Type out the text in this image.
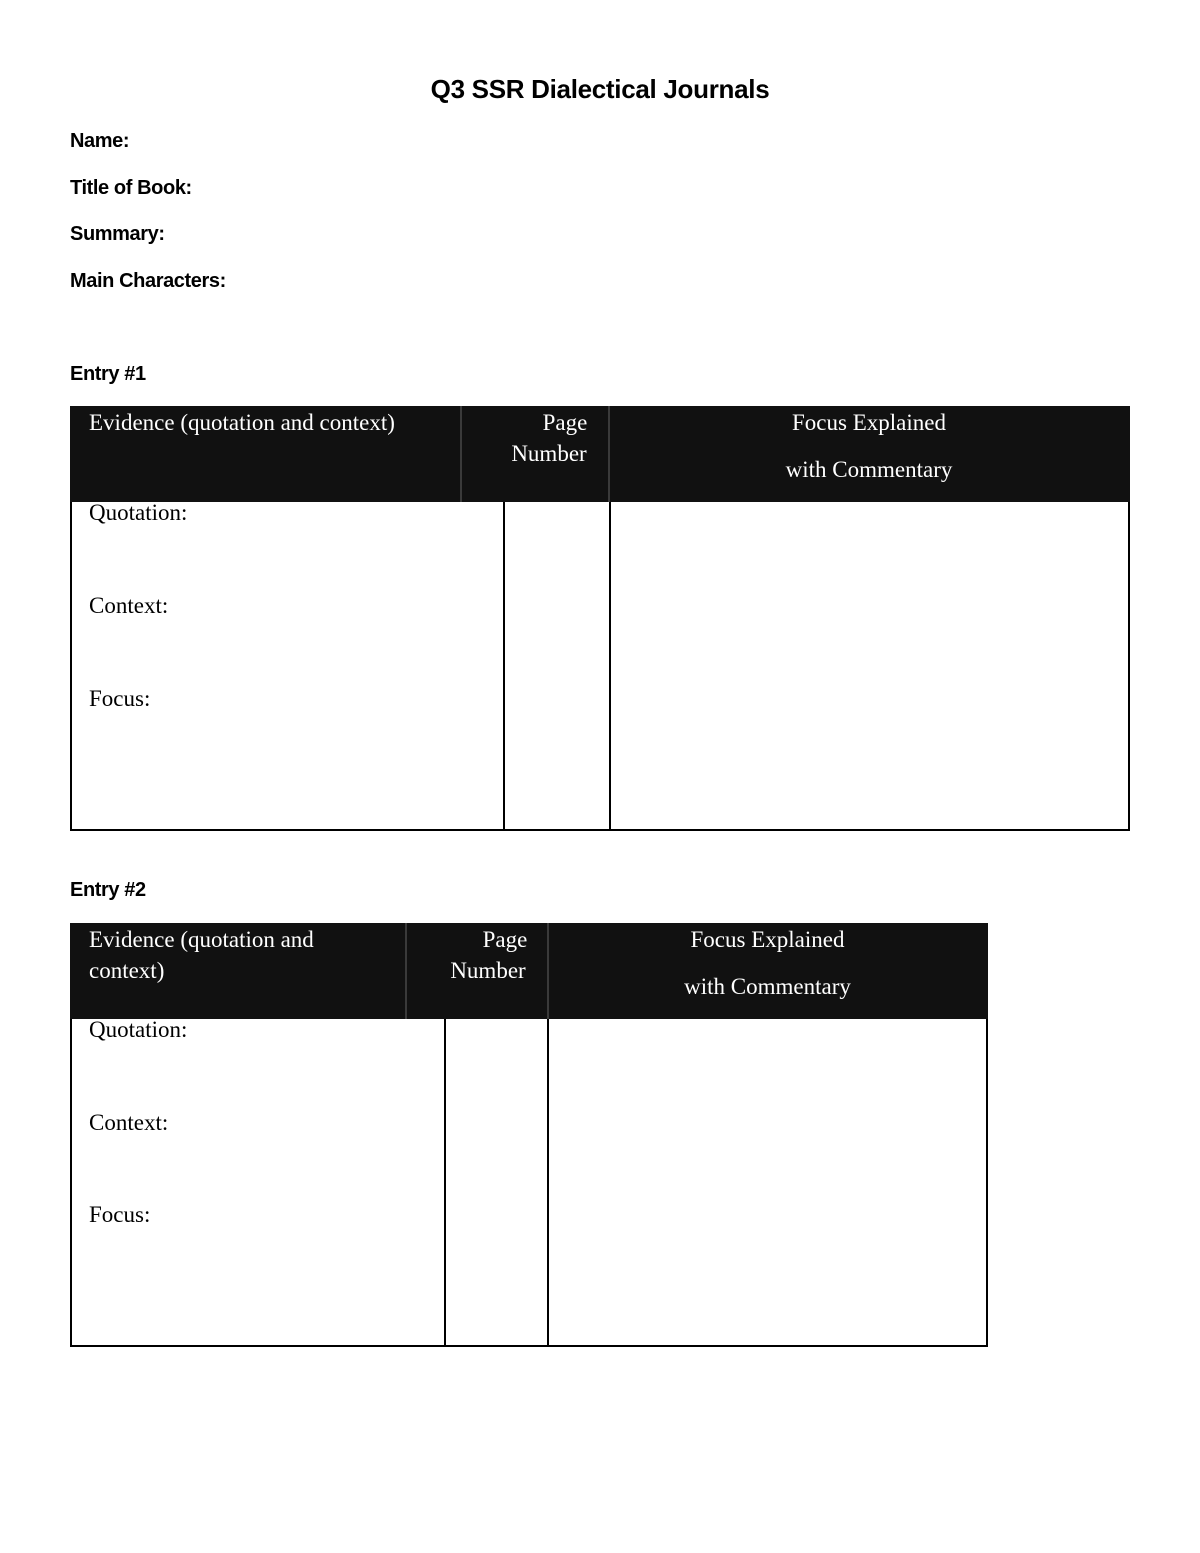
Q3 SSR Dialectical Journals
Name:
Title of Book:
Summary:
Main Characters:
Entry #1
Evidence (quotation and context)	Page
Number
Focus Explained
with Commentary
Quotation:
Context:
Focus:
Entry #2
Evidence (quotation and
context)
Page
Number
Focus Explained
with Commentary
Quotation:
Context:
Focus:
